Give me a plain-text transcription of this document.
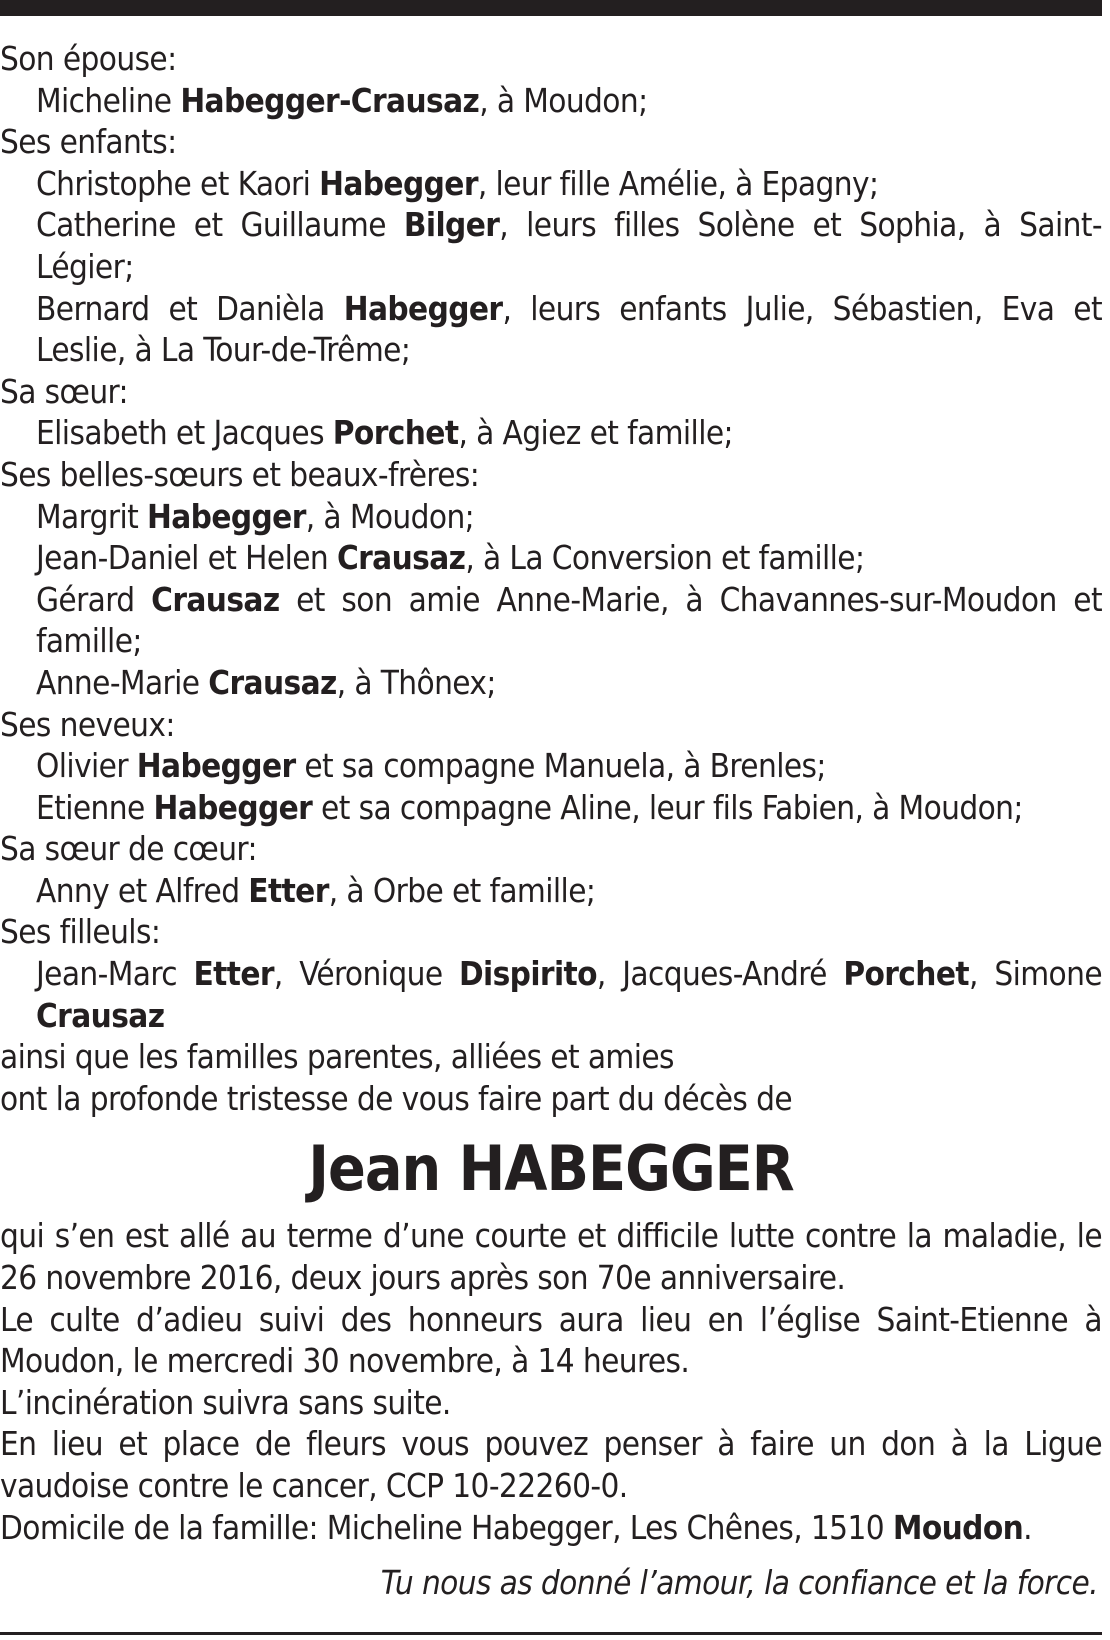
Son épouse:
Micheline Habegger-Crausaz, à Moudon;
Ses enfants:
Christophe et Kaori Habegger, leur fille Amélie, à Epagny;
Catherine et Guillaume Bilger, leurs filles Solène et Sophia, à Saint-Légier;
Bernard et Danièla Habegger, leurs enfants Julie, Sébastien, Eva et Leslie, à La Tour-de-Trême;
Sa sœur:
Elisabeth et Jacques Porchet, à Agiez et famille;
Ses belles-sœurs et beaux-frères:
Margrit Habegger, à Moudon;
Jean-Daniel et Helen Crausaz, à La Conversion et famille;
Gérard Crausaz et son amie Anne-Marie, à Chavannes-sur-Moudon et famille;
Anne-Marie Crausaz, à Thônex;
Ses neveux:
Olivier Habegger et sa compagne Manuela, à Brenles;
Etienne Habegger et sa compagne Aline, leur fils Fabien, à Moudon;
Sa sœur de cœur:
Anny et Alfred Etter, à Orbe et famille;
Ses filleuls:
Jean-Marc Etter, Véronique Dispirito, Jacques-André Porchet, Simone Crausaz
ainsi que les familles parentes, alliées et amies
ont la profonde tristesse de vous faire part du décès de
Jean HABEGGER
qui s’en est allé au terme d’une courte et difficile lutte contre la maladie, le 26 novembre 2016, deux jours après son 70e anniversaire.
Le culte d’adieu suivi des honneurs aura lieu en l’église Saint-Etienne à Moudon, le mercredi 30 novembre, à 14 heures.
L’incinération suivra sans suite.
En lieu et place de fleurs vous pouvez penser à faire un don à la Ligue vaudoise contre le cancer, CCP 10-22260-0.
Domicile de la famille: Micheline Habegger, Les Chênes, 1510 Moudon.
Tu nous as donné l’amour, la confiance et la force.
